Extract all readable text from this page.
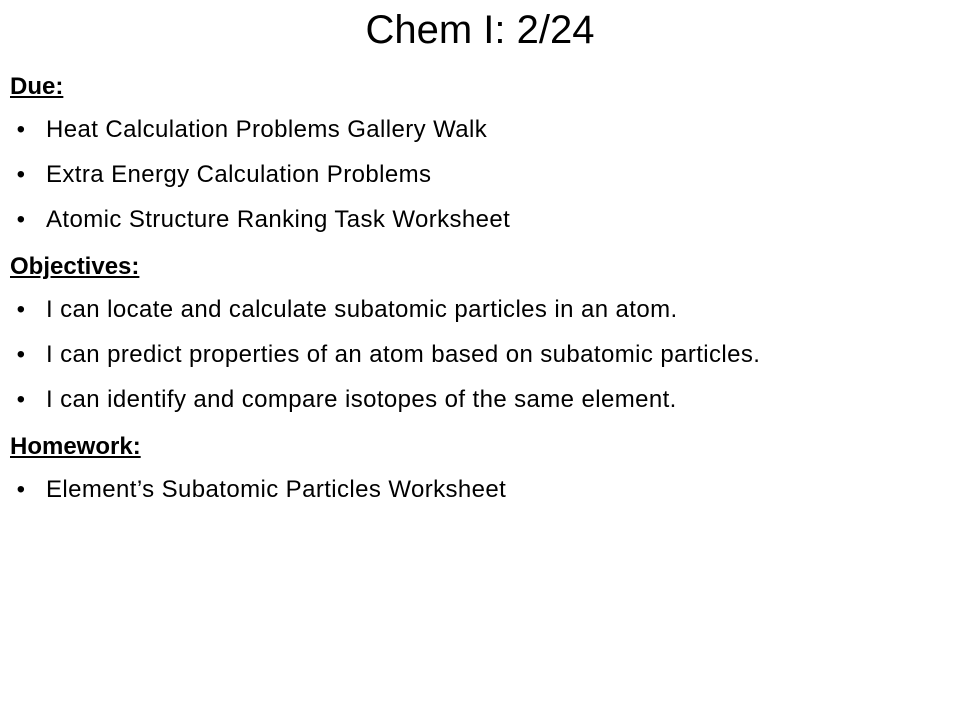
Chem I: 2/24
Due:
• Heat Calculation Problems Gallery Walk
• Extra Energy Calculation Problems
• Atomic Structure Ranking Task Worksheet
Objectives:
• I can locate and calculate subatomic particles in an atom.
• I can predict properties of an atom based on subatomic particles.
• I can identify and compare isotopes of the same element.
Homework:
• Element’s Subatomic Particles Worksheet
